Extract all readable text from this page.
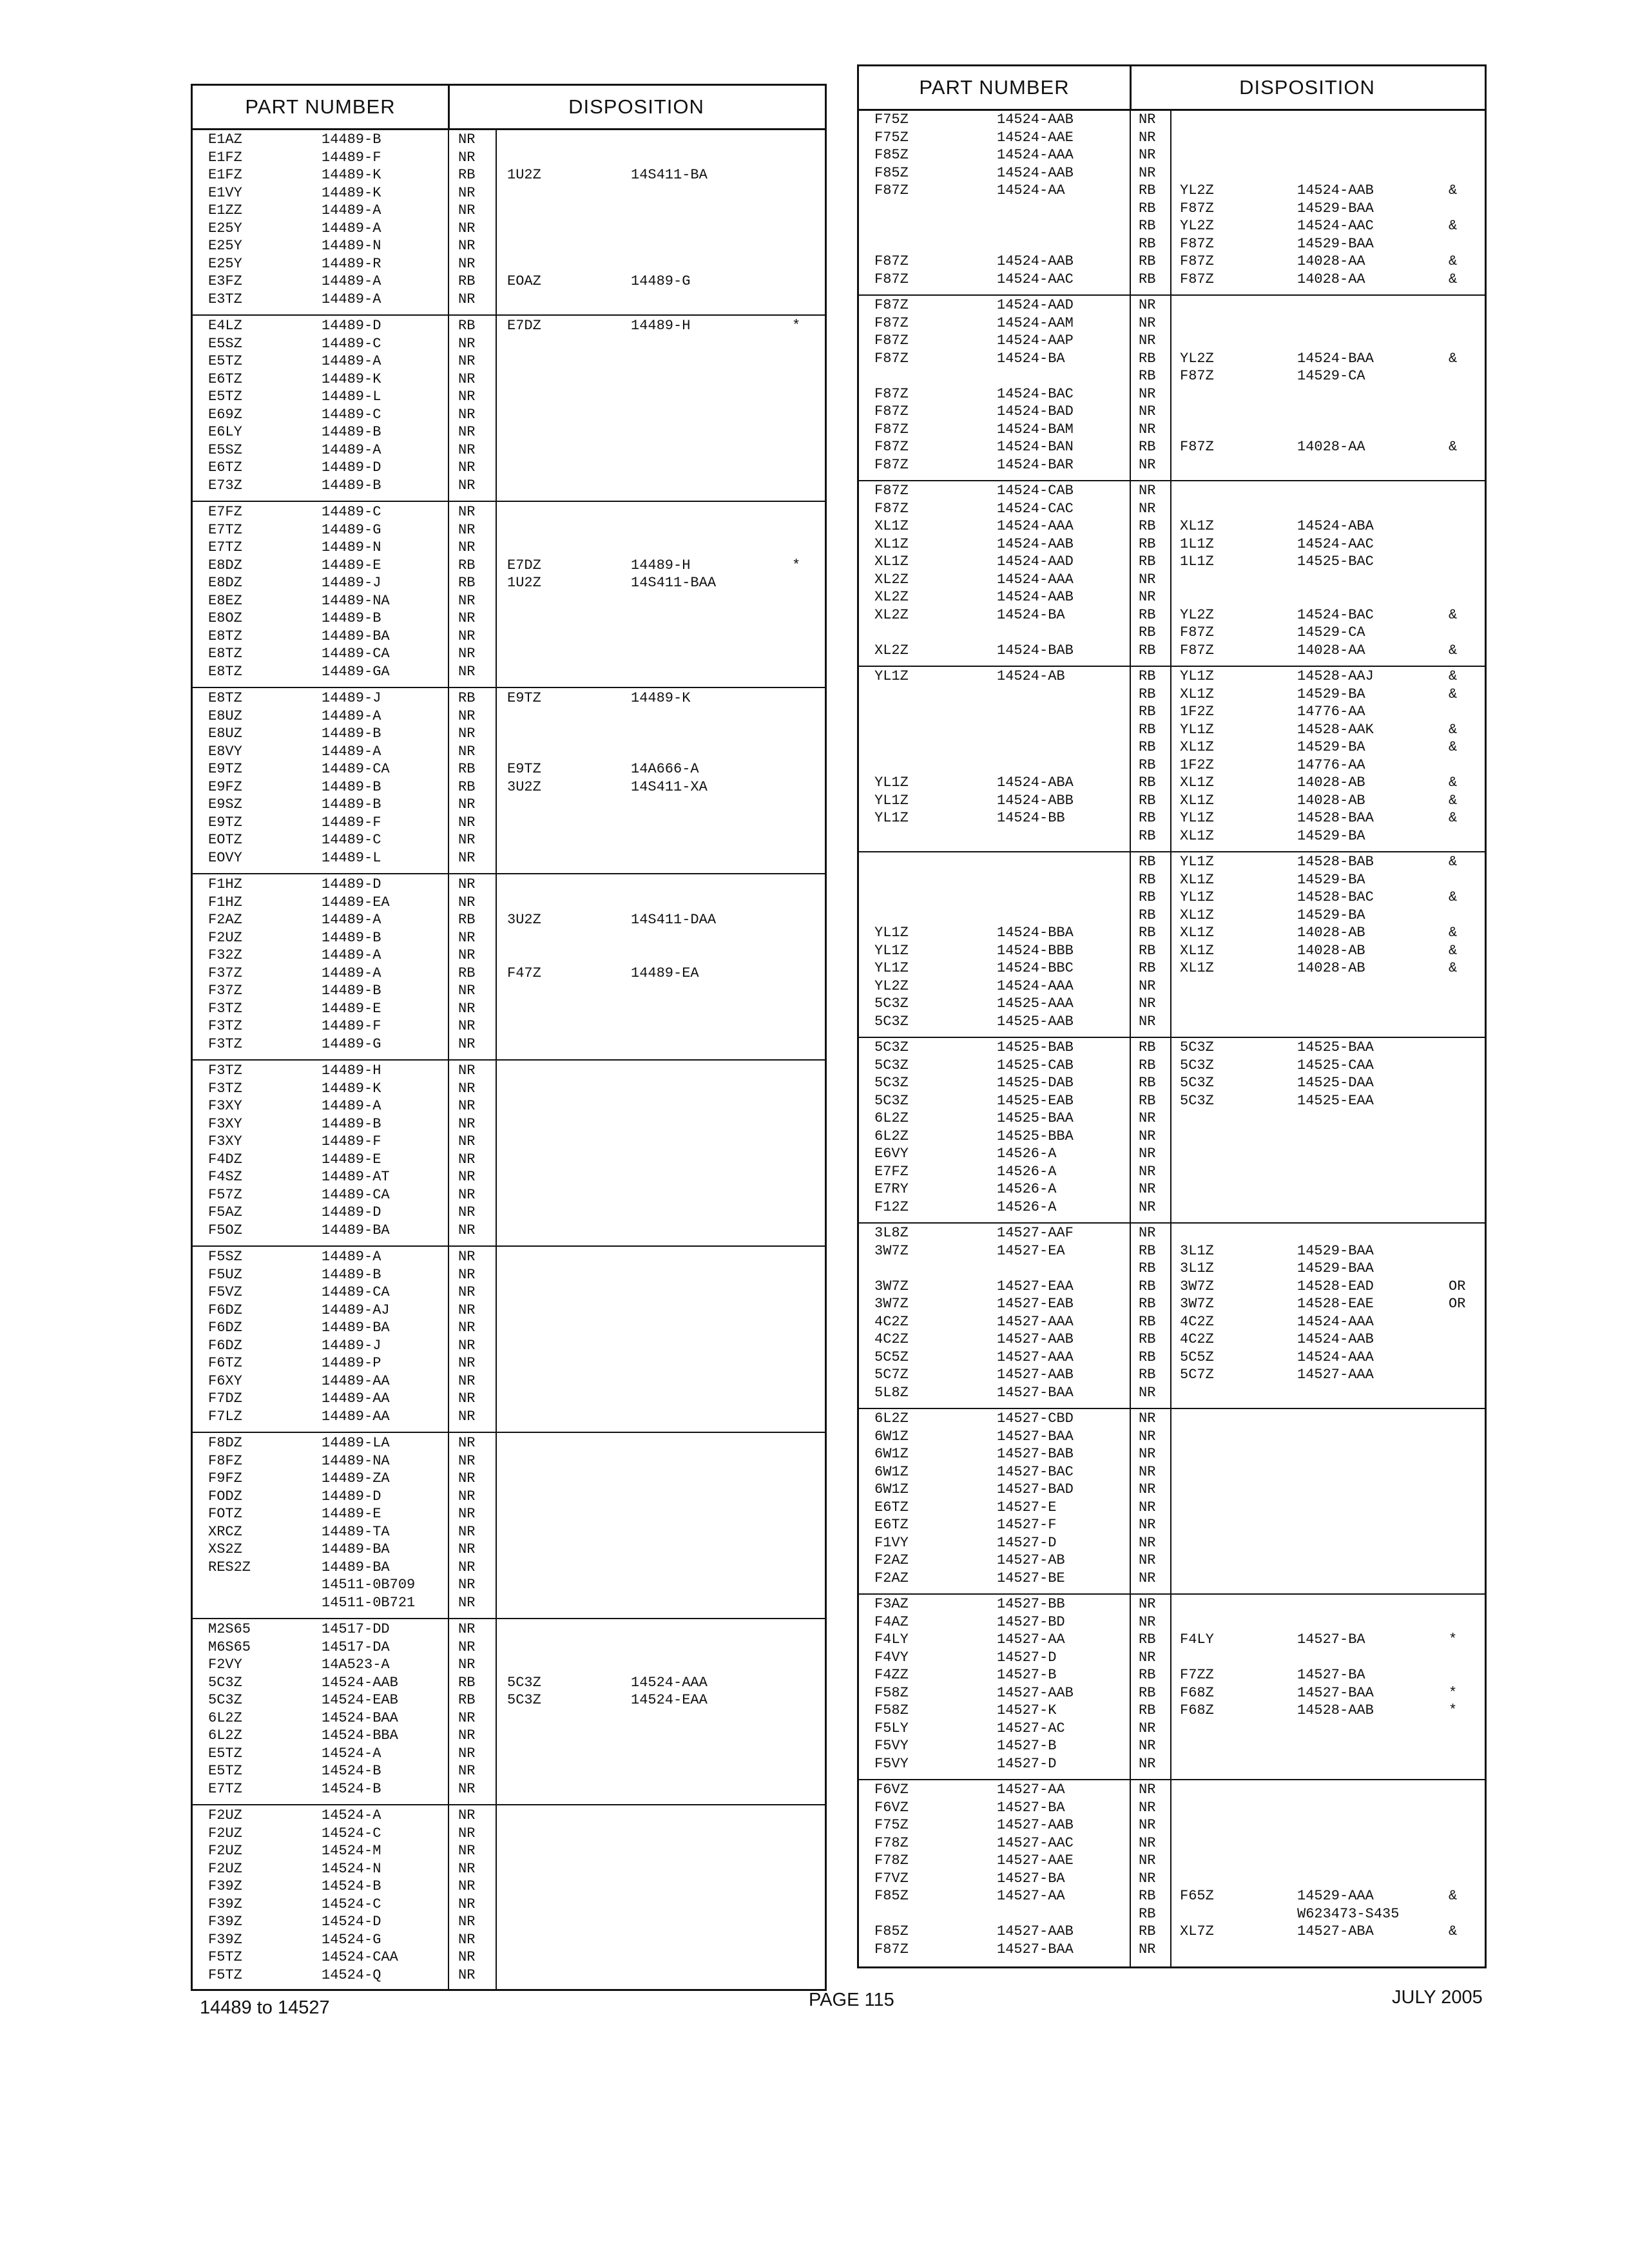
PART NUMBER	DISPOSITION
E1AZ	14489-B	NR
E1FZ	14489-F	NR
E1FZ	14489-K	RB 1U2Z	14S411-BA
E1VY	14489-K	NR
E1ZZ	14489-A	NR
E25Y	14489-A	NR
E25Y	14489-N	NR
E25Y	14489-R	NR
E3FZ	14489-A	RB EOAZ	14489-G
E3TZ	14489-A	NR
E4LZ	14489-D	RB E7DZ	14489-H	*
E5SZ	14489-C	NR
E5TZ	14489-A	NR
E6TZ	14489-K	NR
E5TZ	14489-L	NR
E69Z	14489-C	NR
E6LY	14489-B	NR
E5SZ	14489-A	NR
E6TZ	14489-D	NR
E73Z	14489-B	NR
E7FZ	14489-C	NR
E7TZ	14489-G	NR
E7TZ	14489-N	NR
E8DZ	14489-E	RB E7DZ	14489-H	*
E8DZ	14489-J	RB 1U2Z	14S411-BAA
E8EZ	14489-NA	NR
E8OZ	14489-B	NR
E8TZ	14489-BA	NR
E8TZ	14489-CA	NR
E8TZ	14489-GA	NR
E8TZ	14489-J	RB E9TZ	14489-K
E8UZ	14489-A	NR
E8UZ	14489-B	NR
E8VY	14489-A	NR
E9TZ	14489-CA	RB E9TZ	14A666-A
E9FZ	14489-B	RB 3U2Z	14S411-XA
E9SZ	14489-B	NR
E9TZ	14489-F	NR
EOTZ	14489-C	NR
EOVY	14489-L	NR
F1HZ	14489-D	NR
F1HZ	14489-EA	NR
F2AZ	14489-A	RB 3U2Z	14S411-DAA
F2UZ	14489-B	NR
F32Z	14489-A	NR
F37Z	14489-A	RB F47Z	14489-EA
F37Z	14489-B	NR
F3TZ	14489-E	NR
F3TZ	14489-F	NR
F3TZ	14489-G	NR
F3TZ	14489-H	NR
F3TZ	14489-K	NR
F3XY	14489-A	NR
F3XY	14489-B	NR
F3XY	14489-F	NR
F4DZ	14489-E	NR
F4SZ	14489-AT	NR
F57Z	14489-CA	NR
F5AZ	14489-D	NR
F5OZ	14489-BA	NR
F5SZ	14489-A	NR
F5UZ	14489-B	NR
F5VZ	14489-CA	NR
F6DZ	14489-AJ	NR
F6DZ	14489-BA	NR
F6DZ	14489-J	NR
F6TZ	14489-P	NR
F6XY	14489-AA	NR
F7DZ	14489-AA	NR
F7LZ	14489-AA	NR
F8DZ	14489-LA	NR
F8FZ	14489-NA	NR
F9FZ	14489-ZA	NR
FODZ	14489-D	NR
FOTZ	14489-E	NR
XRCZ	14489-TA	NR
XS2Z	14489-BA	NR
RES2Z	14489-BA	NR
14511-0B709	NR
14511-0B721	NR
M2S65	14517-DD	NR
M6S65	14517-DA	NR
F2VY	14A523-A	NR
5C3Z	14524-AAB	RB 5C3Z	14524-AAA
5C3Z	14524-EAB	RB 5C3Z	14524-EAA
6L2Z	14524-BAA	NR
6L2Z	14524-BBA	NR
E5TZ	14524-A	NR
E5TZ	14524-B	NR
E7TZ	14524-B	NR
F2UZ	14524-A	NR
F2UZ	14524-C	NR
F2UZ	14524-M	NR
F2UZ	14524-N	NR
F39Z	14524-B	NR
F39Z	14524-C	NR
F39Z	14524-D	NR
F39Z	14524-G	NR
F5TZ	14524-CAA	NR
F5TZ	14524-Q	NR
PART NUMBER	DISPOSITION
F75Z	14524-AAB	NR
F75Z	14524-AAE	NR
F85Z	14524-AAA	NR
F85Z	14524-AAB	NR
F87Z	14524-AA	RB YL2Z	14524-AAB	&
RB F87Z	14529-BAA
RB YL2Z	14524-AAC	&
RB F87Z	14529-BAA
F87Z	14524-AAB	RB F87Z	14028-AA	&
F87Z	14524-AAC	RB F87Z	14028-AA	&
F87Z	14524-AAD	NR
F87Z	14524-AAM	NR
F87Z	14524-AAP	NR
F87Z	14524-BA	RB YL2Z	14524-BAA	&
RB F87Z	14529-CA
F87Z	14524-BAC	NR
F87Z	14524-BAD	NR
F87Z	14524-BAM	NR
F87Z	14524-BAN	RB F87Z	14028-AA	&
F87Z	14524-BAR	NR
F87Z	14524-CAB	NR
F87Z	14524-CAC	NR
XL1Z	14524-AAA	RB XL1Z	14524-ABA
XL1Z	14524-AAB	RB 1L1Z	14524-AAC
XL1Z	14524-AAD	RB 1L1Z	14525-BAC
XL2Z	14524-AAA	NR
XL2Z	14524-AAB	NR
XL2Z	14524-BA	RB YL2Z	14524-BAC	&
RB F87Z	14529-CA
XL2Z	14524-BAB	RB F87Z	14028-AA	&
YL1Z	14524-AB	RB YL1Z	14528-AAJ	&
RB XL1Z	14529-BA	&
RB 1F2Z	14776-AA
RB YL1Z	14528-AAK	&
RB XL1Z	14529-BA	&
RB 1F2Z	14776-AA
YL1Z	14524-ABA	RB XL1Z	14028-AB	&
YL1Z	14524-ABB	RB XL1Z	14028-AB	&
YL1Z	14524-BB	RB YL1Z	14528-BAA	&
RB XL1Z	14529-BA
RB YL1Z	14528-BAB	&
RB XL1Z	14529-BA
RB YL1Z	14528-BAC	&
RB XL1Z	14529-BA
YL1Z	14524-BBA	RB XL1Z	14028-AB	&
YL1Z	14524-BBB	RB XL1Z	14028-AB	&
YL1Z	14524-BBC	RB XL1Z	14028-AB	&
YL2Z	14524-AAA	NR
5C3Z	14525-AAA	NR
5C3Z	14525-AAB	NR
5C3Z	14525-BAB	RB 5C3Z	14525-BAA
5C3Z	14525-CAB	RB 5C3Z	14525-CAA
5C3Z	14525-DAB	RB 5C3Z	14525-DAA
5C3Z	14525-EAB	RB 5C3Z	14525-EAA
6L2Z	14525-BAA	NR
6L2Z	14525-BBA	NR
E6VY	14526-A	NR
E7FZ	14526-A	NR
E7RY	14526-A	NR
F12Z	14526-A	NR
3L8Z	14527-AAF	NR
3W7Z	14527-EA	RB 3L1Z	14529-BAA
RB 3L1Z	14529-BAA
3W7Z	14527-EAA	RB 3W7Z	14528-EAD	OR
3W7Z	14527-EAB	RB 3W7Z	14528-EAE	OR
4C2Z	14527-AAA	RB 4C2Z	14524-AAA
4C2Z	14527-AAB	RB 4C2Z	14524-AAB
5C5Z	14527-AAA	RB 5C5Z	14524-AAA
5C7Z	14527-AAB	RB 5C7Z	14527-AAA
5L8Z	14527-BAA	NR
6L2Z	14527-CBD	NR
6W1Z	14527-BAA	NR
6W1Z	14527-BAB	NR
6W1Z	14527-BAC	NR
6W1Z	14527-BAD	NR
E6TZ	14527-E	NR
E6TZ	14527-F	NR
F1VY	14527-D	NR
F2AZ	14527-AB	NR
F2AZ	14527-BE	NR
F3AZ	14527-BB	NR
F4AZ	14527-BD	NR
F4LY	14527-AA	RB F4LY	14527-BA	*
F4VY	14527-D	NR
F4ZZ	14527-B	RB F7ZZ	14527-BA
F58Z	14527-AAB	RB F68Z	14527-BAA	*
F58Z	14527-K	RB F68Z	14528-AAB	*
F5LY	14527-AC	NR
F5VY	14527-B	NR
F5VY	14527-D	NR
F6VZ	14527-AA	NR
F6VZ	14527-BA	NR
F75Z	14527-AAB	NR
F78Z	14527-AAC	NR
F78Z	14527-AAE	NR
F7VZ	14527-BA	NR
F85Z	14527-AA	RB F65Z	14529-AAA	&
RB	W623473-S435
F85Z	14527-AAB	RB XL7Z	14527-ABA	&
F87Z	14527-BAA	NR
14489 to 14527	PAGE 115	JULY 2005
